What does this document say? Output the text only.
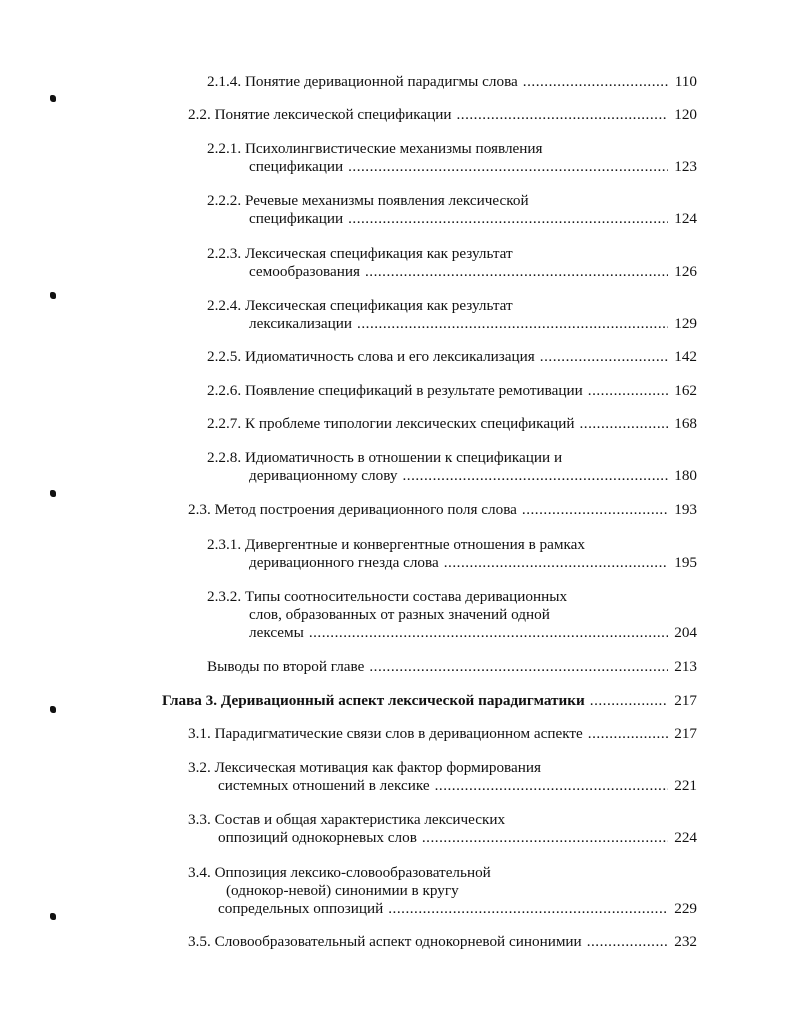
2.1.4.
Понятие деривационной парадигмы слова .....	110
2.2.
Понятие лексической спецификации .....	120
2.2.1.
Психолингвистические механизмы появления
спецификации .....	123
2.2.2.
Речевые механизмы появления лексической
спецификации .....	124
2.2.3.
Лексическая спецификация как результат
семообразования .....	126
2.2.4.
Лексическая спецификация как результат
лексикализации .....	129
2.2.5.
Идиоматичность слова и его лексикализация .....	142
2.2.6.
Появление спецификаций в результате ремотивации .....	162
2.2.7.
К проблеме типологии лексических спецификаций .....	168
2.2.8.
Идиоматичность в отношении к спецификации и
деривационному слову .....	180
2.3.
Метод построения деривационного поля слова .....	193
2.3.1.
Дивергентные и конвергентные отношения в рамках
деривационного гнезда слова .....	195
2.3.2.
Типы соотносительности состава деривационных
слов, образованных от разных значений одной
лексемы .....	204
Выводы по второй главе .....	213
Глава 3. Деривационный аспект лексической парадигматики .....	217
3.1.
Парадигматические связи слов в деривационном аспекте .....	217
3.2.
Лексическая мотивация как фактор формирования
системных отношений в лексике .....	221
3.3.
Состав и общая характеристика лексических
оппозиций однокорневых слов .....	224
3.4.
Оппозиция лексико-словообразовательной
(однокор-невой) синонимии в кругу
сопредельных оппозиций .....	229
3.5.
Словообразовательный аспект однокорневой синонимии .....	232
